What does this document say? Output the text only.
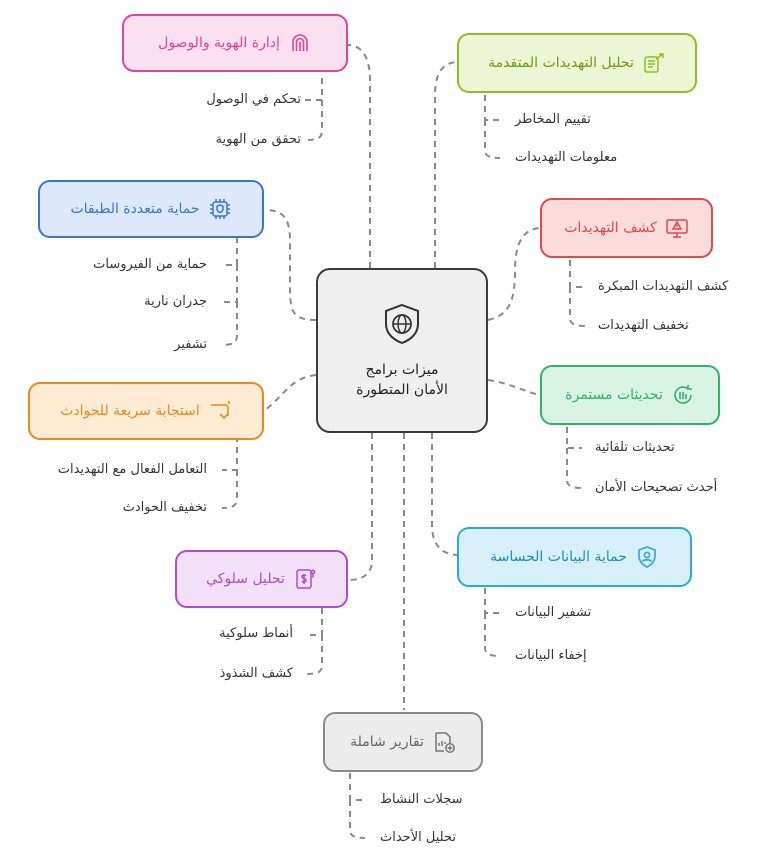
ميزات برامج
الأمان المتطورة
إدارة الهوية والوصول
تحكم في الوصول
تحقق من الهوية
حماية متعددة الطبقات
حماية من الفيروسات
جدران نارية
تشفير
استجابة سريعة للحوادث
التعامل الفعال مع التهديدات
تخفيف الحوادث
تحليل سلوكي
أنماط سلوكية
كشف الشذوذ
تحليل التهديدات المتقدمة
تقييم المخاطر
معلومات التهديدات
كشف التهديدات
كشف التهديدات المبكرة
تخفيف التهديدات
تحديثات مستمرة
تحديثات تلقائية
أحدث تصحيحات الأمان
حماية البيانات الحساسة
تشفير البيانات
إخفاء البيانات
تقارير شاملة
سجلات النشاط
تحليل الأحداث
